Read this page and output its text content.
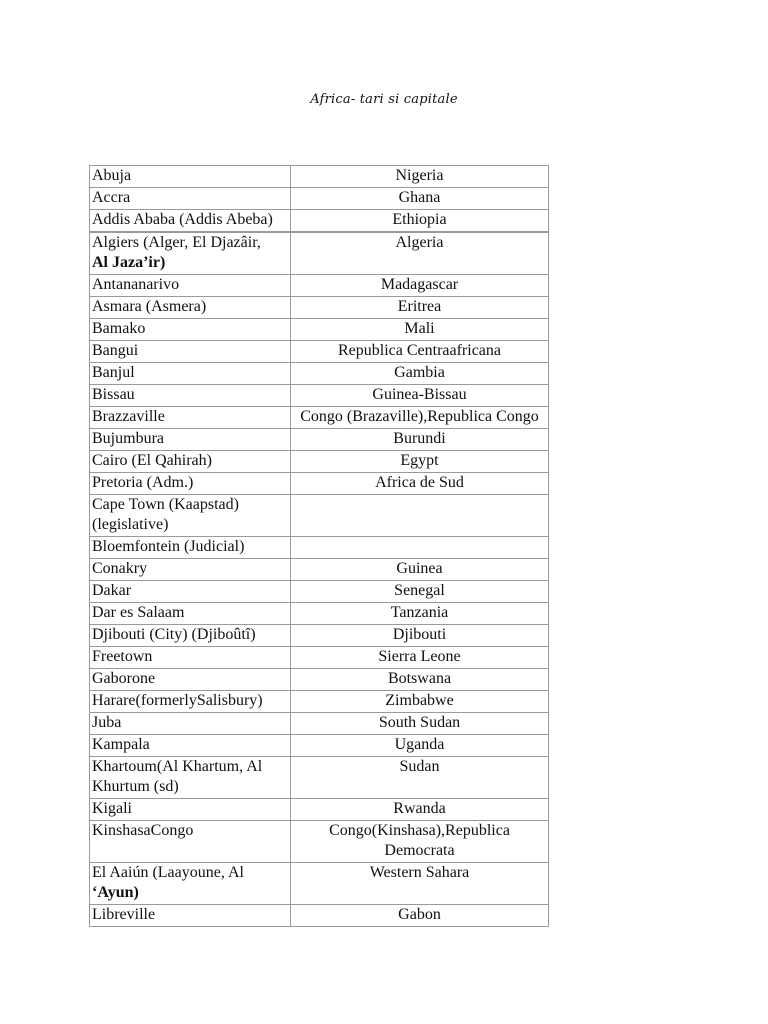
Africa- tari si capitale
Abuja	Nigeria
Accra	Ghana
Addis Ababa (Addis Abeba)	Ethiopia
Algiers (Alger, El Djazâir,
Al Jaza’ir)	Algeria
Antananarivo	Madagascar
Asmara (Asmera)	Eritrea
Bamako	Mali
Bangui	Republica Centraafricana
Banjul	Gambia
Bissau	Guinea-Bissau
Brazzaville	Congo (Brazaville),Republica Congo
Bujumbura	Burundi
Cairo (El Qahirah)	Egypt
Pretoria (Adm.)	Africa de Sud
Cape Town (Kaapstad) (legislative)	
Bloemfontein (Judicial)	
Conakry	Guinea
Dakar	Senegal
Dar es Salaam	Tanzania
Djibouti (City) (Djiboûtî)	Djibouti
Freetown	Sierra Leone
Gaborone	Botswana
Harare(formerlySalisbury)	Zimbabwe
Juba	South Sudan
Kampala	Uganda
Khartoum(Al Khartum, Al Khurtum (sd)	Sudan
Kigali	Rwanda
KinshasaCongo	Congo(Kinshasa),Republica Democrata
El Aaiún (Laayoune, Al
‘Ayun)	Western Sahara
Libreville	Gabon
